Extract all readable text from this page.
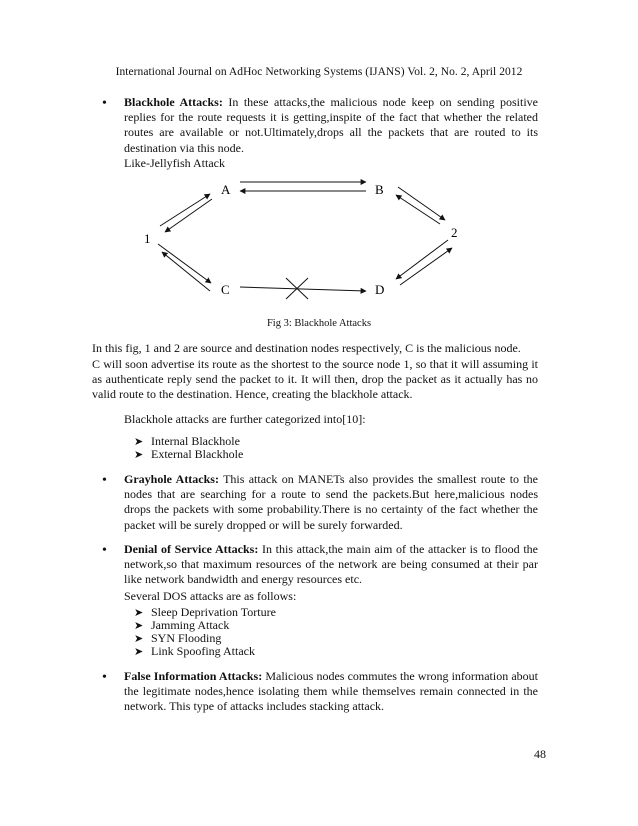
International Journal on AdHoc Networking Systems (IJANS) Vol. 2, No. 2, April 2012
• Blackhole Attacks: In these attacks,the malicious node keep on sending positive replies for the route requests it is getting,inspite of the fact that whether the related routes are available or not.Ultimately,drops all the packets that are routed to its destination via this node.
Like-Jellyfish Attack
A	B
1	2
C	D
Fig 3: Blackhole Attacks
In this fig, 1 and 2 are source and destination nodes respectively, C is the malicious node.
C will soon advertise its route as the shortest to the source node 1, so that it will assuming it as authenticate reply send the packet to it. It will then, drop the packet as it actually has no valid route to the destination. Hence, creating the blackhole attack.
Blackhole attacks are further categorized into[10]:
➤ Internal Blackhole
➤ External Blackhole
• Grayhole Attacks: This attack on MANETs also provides the smallest route to the nodes that are searching for a route to send the packets.But here,malicious nodes drops the packets with some probability.There is no certainty of the fact whether the packet will be surely dropped or will be surely forwarded.
• Denial of Service Attacks: In this attack,the main aim of the attacker is to flood the network,so that maximum resources of the network are being consumed at their par like network bandwidth and energy resources etc.
Several DOS attacks are as follows:
➤ Sleep Deprivation Torture
➤ Jamming Attack
➤ SYN Flooding
➤ Link Spoofing Attack
• False Information Attacks: Malicious nodes commutes the wrong information about the legitimate nodes,hence isolating them while themselves remain connected in the network. This type of attacks includes stacking attack.
48
